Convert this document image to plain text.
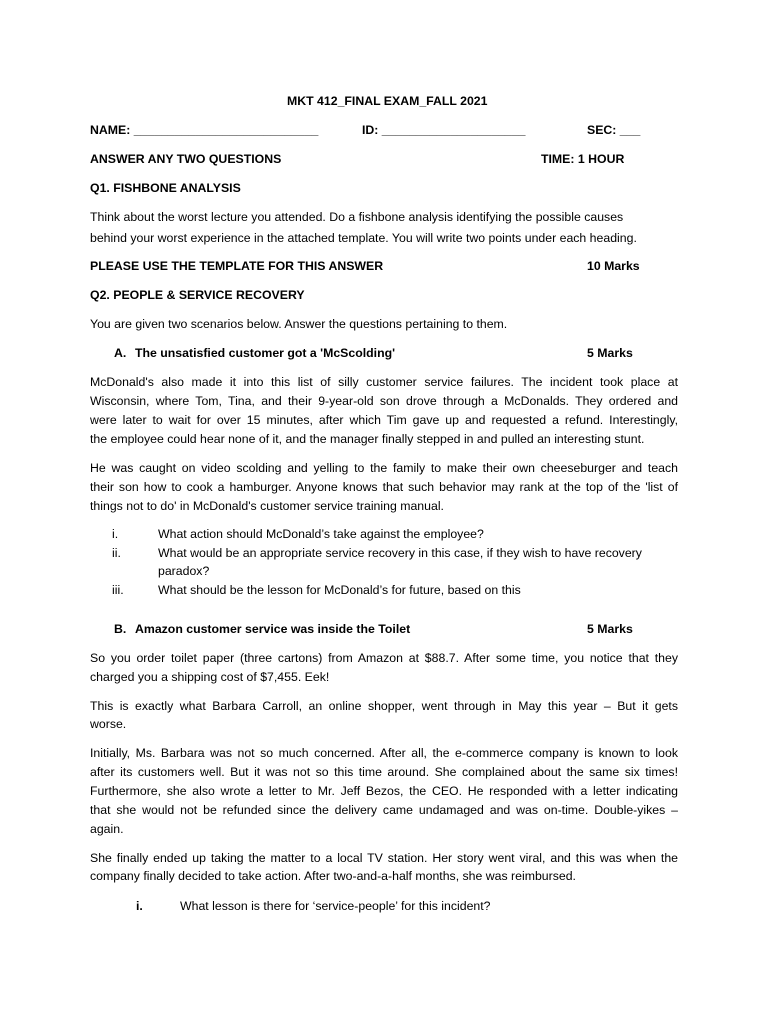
MKT 412_FINAL EXAM_FALL 2021
NAME: ___________________________	ID: _____________________	SEC: ___
ANSWER ANY TWO QUESTIONS	TIME: 1 HOUR
Q1. FISHBONE ANALYSIS
Think about the worst lecture you attended. Do a fishbone analysis identifying the possible causes
behind your worst experience in the attached template. You will write two points under each heading.
PLEASE USE THE TEMPLATE FOR THIS ANSWER	10 Marks
Q2. PEOPLE & SERVICE RECOVERY
You are given two scenarios below. Answer the questions pertaining to them.
A. The unsatisfied customer got a 'McScolding'	5 Marks
McDonald's also made it into this list of silly customer service failures. The incident took place at
Wisconsin, where Tom, Tina, and their 9-year-old son drove through a McDonalds. They ordered and
were later to wait for over 15 minutes, after which Tim gave up and requested a refund. Interestingly,
the employee could hear none of it, and the manager finally stepped in and pulled an interesting stunt.
He was caught on video scolding and yelling to the family to make their own cheeseburger and teach
their son how to cook a hamburger. Anyone knows that such behavior may rank at the top of the 'list of
things not to do' in McDonald's customer service training manual.
i.	What action should McDonald’s take against the employee?
ii.	What would be an appropriate service recovery in this case, if they wish to have recovery
paradox?
iii.	What should be the lesson for McDonald’s for future, based on this
B. Amazon customer service was inside the Toilet	5 Marks
So you order toilet paper (three cartons) from Amazon at $88.7. After some time, you notice that they
charged you a shipping cost of $7,455. Eek!
This is exactly what Barbara Carroll, an online shopper, went through in May this year – But it gets
worse.
Initially, Ms. Barbara was not so much concerned. After all, the e-commerce company is known to look
after its customers well. But it was not so this time around. She complained about the same six times!
Furthermore, she also wrote a letter to Mr. Jeff Bezos, the CEO. He responded with a letter indicating
that she would not be refunded since the delivery came undamaged and was on-time. Double-yikes –
again.
She finally ended up taking the matter to a local TV station. Her story went viral, and this was when the
company finally decided to take action. After two-and-a-half months, she was reimbursed.
i.	What lesson is there for ‘service-people’ for this incident?
